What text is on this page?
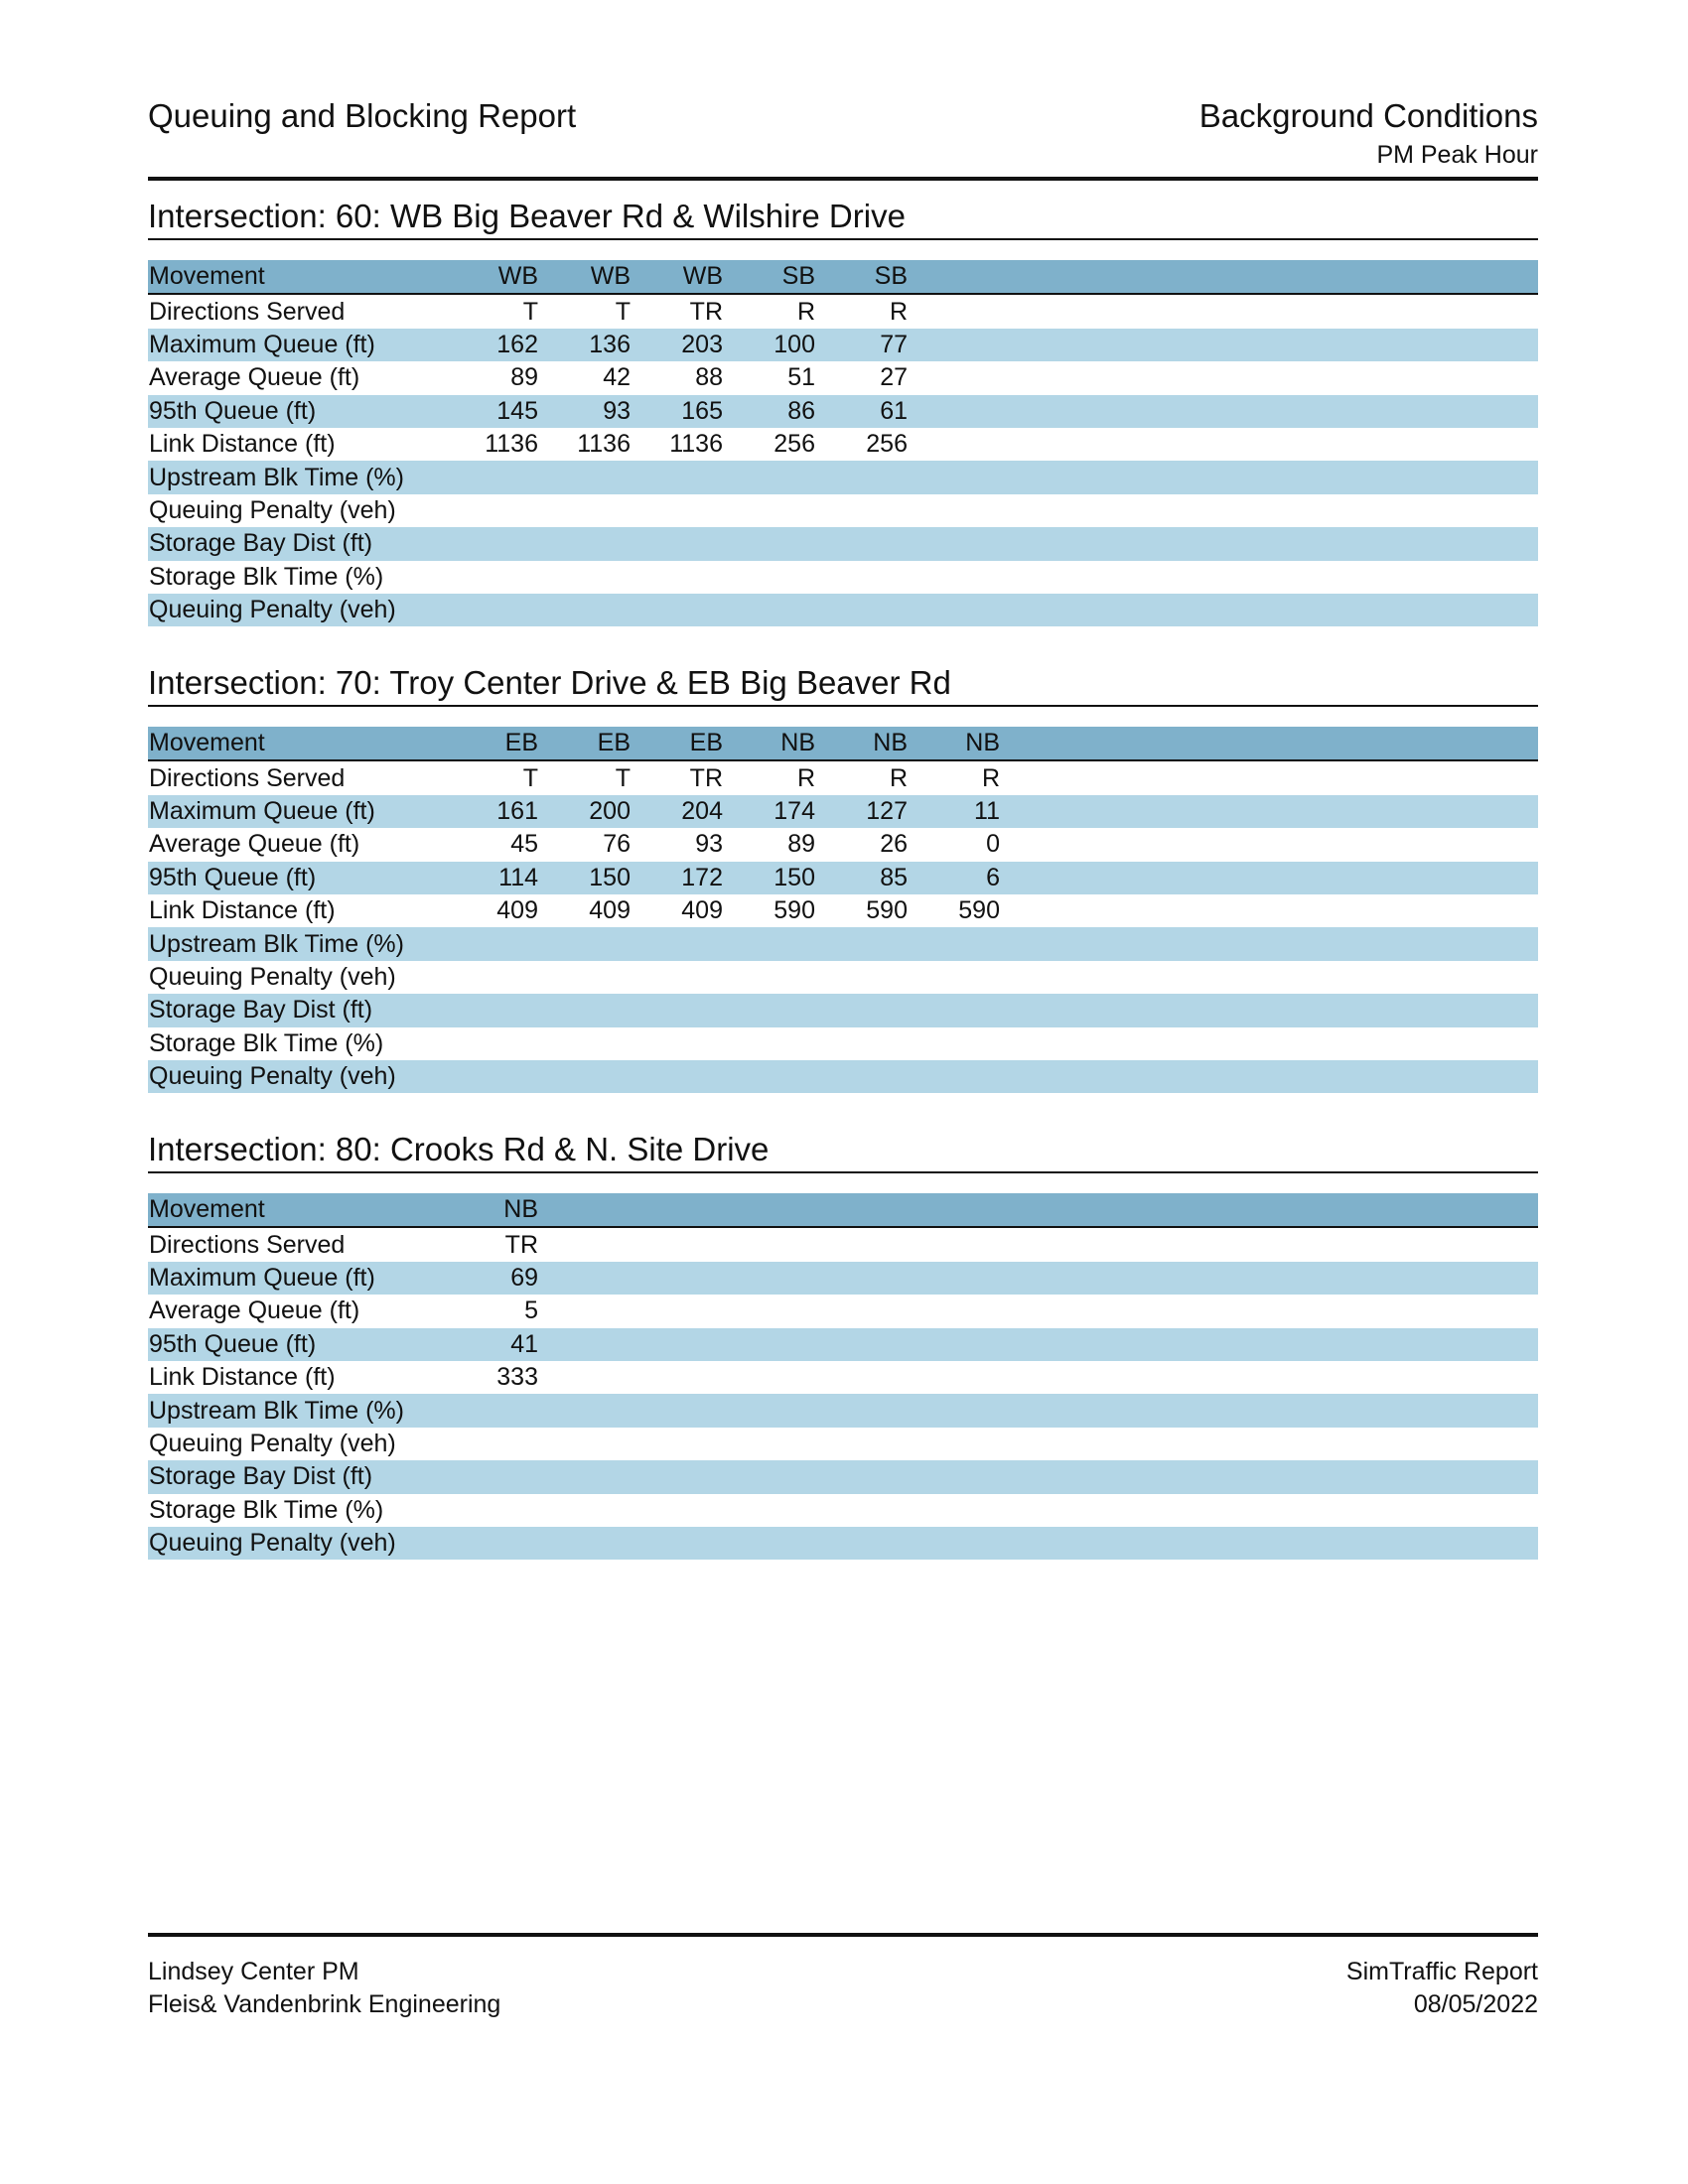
Queuing and Blocking Report	Background Conditions
PM Peak Hour
Intersection: 60: WB Big Beaver Rd & Wilshire Drive
Movement	WB	WB	WB	SB	SB		
Directions Served	T	T	TR	R	R		
Maximum Queue (ft)	162	136	203	100	77		
Average Queue (ft)	89	42	88	51	27		
95th Queue (ft)	145	93	165	86	61		
Link Distance (ft)	1136	1136	1136	256	256		
Upstream Blk Time (%)							
Queuing Penalty (veh)							
Storage Bay Dist (ft)							
Storage Blk Time (%)							
Queuing Penalty (veh)							
Intersection: 70: Troy Center Drive & EB Big Beaver Rd
Movement	EB	EB	EB	NB	NB	NB	
Directions Served	T	T	TR	R	R	R	
Maximum Queue (ft)	161	200	204	174	127	11	
Average Queue (ft)	45	76	93	89	26	0	
95th Queue (ft)	114	150	172	150	85	6	
Link Distance (ft)	409	409	409	590	590	590	
Upstream Blk Time (%)							
Queuing Penalty (veh)							
Storage Bay Dist (ft)							
Storage Blk Time (%)							
Queuing Penalty (veh)							
Intersection: 80: Crooks Rd & N. Site Drive
Movement	NB						
Directions Served	TR						
Maximum Queue (ft)	69						
Average Queue (ft)	5						
95th Queue (ft)	41						
Link Distance (ft)	333						
Upstream Blk Time (%)							
Queuing Penalty (veh)							
Storage Bay Dist (ft)							
Storage Blk Time (%)							
Queuing Penalty (veh)							
Lindsey Center PM
Fleis& Vandenbrink Engineering
SimTraffic Report
08/05/2022
